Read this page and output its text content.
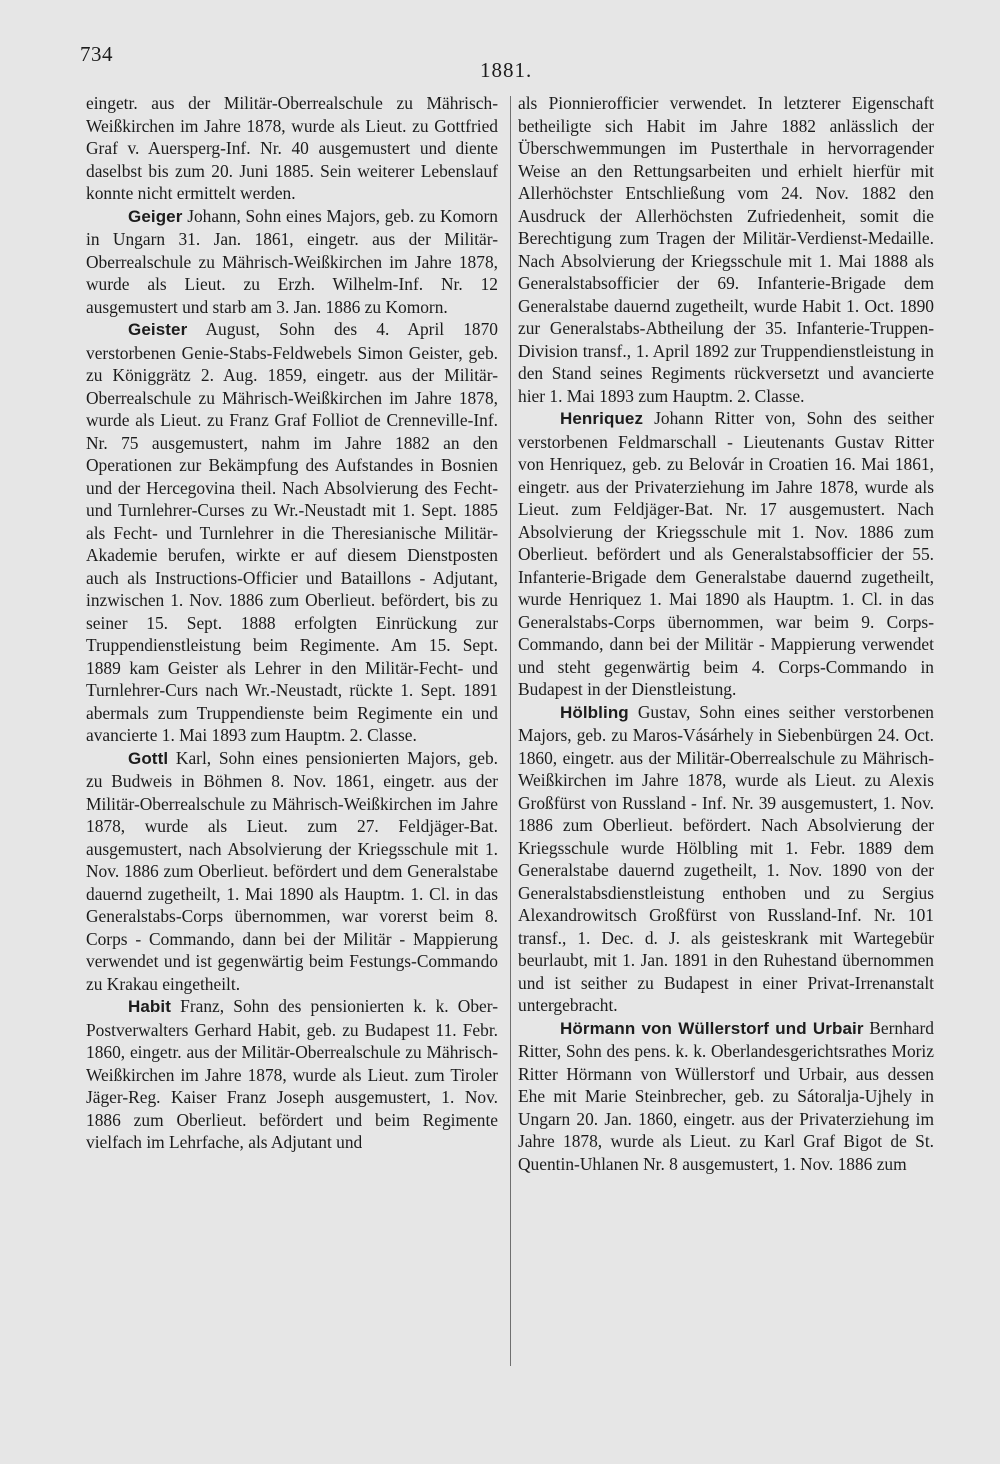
734
1881.

eingetr. aus der Militär-Oberrealschule zu Mährisch-Weißkirchen im Jahre 1878, wurde als Lieut. zu Gottfried Graf v. Auersperg-Inf. Nr. 40 ausgemustert und diente daselbst bis zum 20. Juni 1885. Sein weiterer Lebenslauf konnte nicht ermittelt werden.

Geiger Johann, Sohn eines Majors, geb. zu Komorn in Ungarn 31. Jan. 1861, eingetr. aus der Militär-Oberrealschule zu Mährisch-Weißkirchen im Jahre 1878, wurde als Lieut. zu Erzh. Wilhelm-Inf. Nr. 12 ausgemustert und starb am 3. Jan. 1886 zu Komorn.

Geister August, Sohn des 4. April 1870 verstorbenen Genie-Stabs-Feldwebels Simon Geister, geb. zu Königgrätz 2. Aug. 1859, eingetr. aus der Militär-Oberrealschule zu Mährisch-Weißkirchen im Jahre 1878, wurde als Lieut. zu Franz Graf Folliot de Crenneville-Inf. Nr. 75 ausgemustert, nahm im Jahre 1882 an den Operationen zur Bekämpfung des Aufstandes in Bosnien und der Hercegovina theil. Nach Absolvierung des Fecht- und Turnlehrer-Curses zu Wr.-Neustadt mit 1. Sept. 1885 als Fecht- und Turnlehrer in die Theresianische Militär-Akademie berufen, wirkte er auf diesem Dienstposten auch als Instructions-Officier und Bataillons - Adjutant, inzwischen 1. Nov. 1886 zum Oberlieut. befördert, bis zu seiner 15. Sept. 1888 erfolgten Einrückung zur Truppendienstleistung beim Regimente. Am 15. Sept. 1889 kam Geister als Lehrer in den Militär-Fecht- und Turnlehrer-Curs nach Wr.-Neustadt, rückte 1. Sept. 1891 abermals zum Truppendienste beim Regimente ein und avancierte 1. Mai 1893 zum Hauptm. 2. Classe.

Gottl Karl, Sohn eines pensionierten Majors, geb. zu Budweis in Böhmen 8. Nov. 1861, eingetr. aus der Militär-Oberrealschule zu Mährisch-Weißkirchen im Jahre 1878, wurde als Lieut. zum 27. Feldjäger-Bat. ausgemustert, nach Absolvierung der Kriegsschule mit 1. Nov. 1886 zum Oberlieut. befördert und dem Generalstabe dauernd zugetheilt, 1. Mai 1890 als Hauptm. 1. Cl. in das Generalstabs-Corps übernommen, war vorerst beim 8. Corps - Commando, dann bei der Militär - Mappierung verwendet und ist gegenwärtig beim Festungs-Commando zu Krakau eingetheilt.

Habit Franz, Sohn des pensionierten k. k. Ober-Postverwalters Gerhard Habit, geb. zu Budapest 11. Febr. 1860, eingetr. aus der Militär-Oberrealschule zu Mährisch-Weißkirchen im Jahre 1878, wurde als Lieut. zum Tiroler Jäger-Reg. Kaiser Franz Joseph ausgemustert, 1. Nov. 1886 zum Oberlieut. befördert und beim Regimente vielfach im Lehrfache, als Adjutant und

als Pionnierofficier verwendet. In letzterer Eigenschaft betheiligte sich Habit im Jahre 1882 anlässlich der Überschwemmungen im Pusterthale in hervorragender Weise an den Rettungsarbeiten und erhielt hierfür mit Allerhöchster Entschließung vom 24. Nov. 1882 den Ausdruck der Allerhöchsten Zufriedenheit, somit die Berechtigung zum Tragen der Militär-Verdienst-Medaille. Nach Absolvierung der Kriegsschule mit 1. Mai 1888 als Generalstabsofficier der 69. Infanterie-Brigade dem Generalstabe dauernd zugetheilt, wurde Habit 1. Oct. 1890 zur Generalstabs-Abtheilung der 35. Infanterie-Truppen-Division transf., 1. April 1892 zur Truppendienstleistung in den Stand seines Regiments rückversetzt und avancierte hier 1. Mai 1893 zum Hauptm. 2. Classe.

Henriquez Johann Ritter von, Sohn des seither verstorbenen Feldmarschall - Lieutenants Gustav Ritter von Henriquez, geb. zu Belovár in Croatien 16. Mai 1861, eingetr. aus der Privaterziehung im Jahre 1878, wurde als Lieut. zum Feldjäger-Bat. Nr. 17 ausgemustert. Nach Absolvierung der Kriegsschule mit 1. Nov. 1886 zum Oberlieut. befördert und als Generalstabsofficier der 55. Infanterie-Brigade dem Generalstabe dauernd zugetheilt, wurde Henriquez 1. Mai 1890 als Hauptm. 1. Cl. in das Generalstabs-Corps übernommen, war beim 9. Corps-Commando, dann bei der Militär - Mappierung verwendet und steht gegenwärtig beim 4. Corps-Commando in Budapest in der Dienstleistung.

Hölbling Gustav, Sohn eines seither verstorbenen Majors, geb. zu Maros-Vásárhely in Siebenbürgen 24. Oct. 1860, eingetr. aus der Militär-Oberrealschule zu Mährisch-Weißkirchen im Jahre 1878, wurde als Lieut. zu Alexis Großfürst von Russland - Inf. Nr. 39 ausgemustert, 1. Nov. 1886 zum Oberlieut. befördert. Nach Absolvierung der Kriegsschule wurde Hölbling mit 1. Febr. 1889 dem Generalstabe dauernd zugetheilt, 1. Nov. 1890 von der Generalstabsdienstleistung enthoben und zu Sergius Alexandrowitsch Großfürst von Russland-Inf. Nr. 101 transf., 1. Dec. d. J. als geisteskrank mit Wartegebür beurlaubt, mit 1. Jan. 1891 in den Ruhestand übernommen und ist seither zu Budapest in einer Privat-Irrenanstalt untergebracht.

Hörmann von Wüllerstorf und Urbair Bernhard Ritter, Sohn des pens. k. k. Oberlandesgerichtsrathes Moriz Ritter Hörmann von Wüllerstorf und Urbair, aus dessen Ehe mit Marie Steinbrecher, geb. zu Sátoralja-Ujhely in Ungarn 20. Jan. 1860, eingetr. aus der Privaterziehung im Jahre 1878, wurde als Lieut. zu Karl Graf Bigot de St. Quentin-Uhlanen Nr. 8 ausgemustert, 1. Nov. 1886 zum
